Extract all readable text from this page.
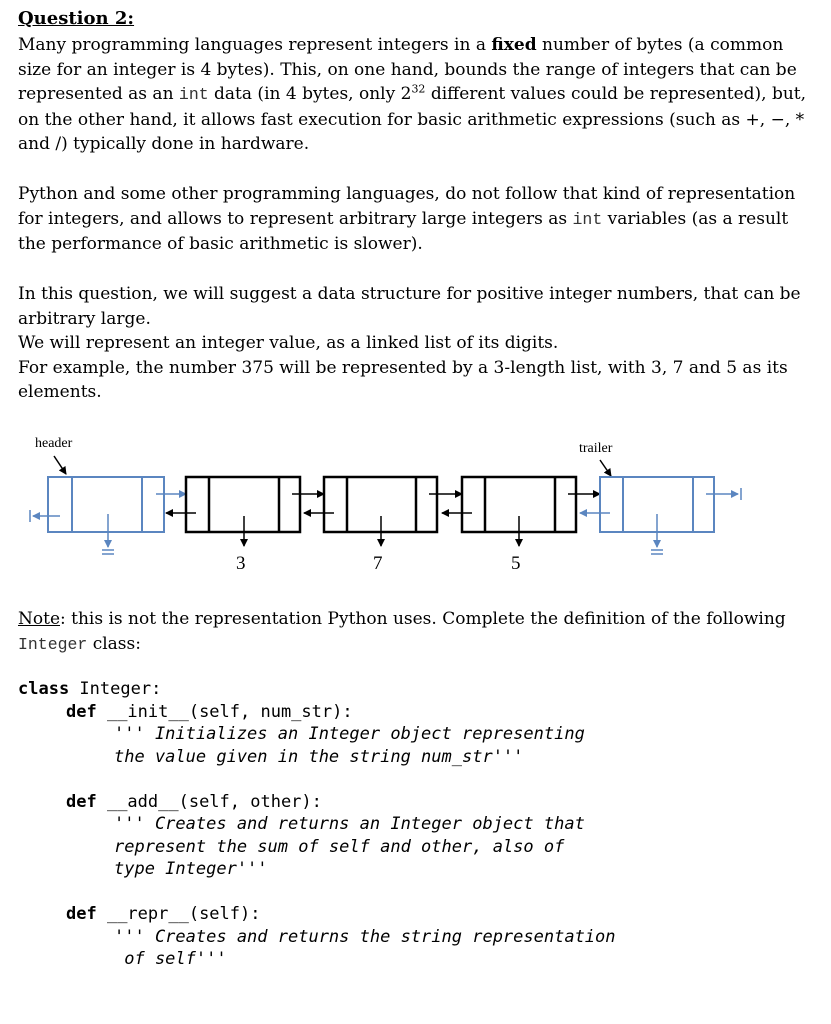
Question 2:
Many programming languages represent integers in a fixed number of bytes (a common size for an integer is 4 bytes). This, on one hand, bounds the range of integers that can be represented as an int data (in 4 bytes, only $2^{32}$ different values could be represented), but, on the other hand, it allows fast execution for basic arithmetic expressions (such as +, −, * and /) typically done in hardware.
Python and some other programming languages, do not follow that kind of representation for integers, and allows to represent arbitrary large integers as int variables (as a result the performance of basic arithmetic is slower).
In this question, we will suggest a data structure for positive integer numbers, that can be arbitrary large.
We will represent an integer value, as a linked list of its digits.
For example, the number 375 will be represented by a 3-length list, with 3, 7 and 5 as its elements.
header	trailer
3	7	5
Note: this is not the representation Python uses. Complete the definition of the following Integer class:
class Integer:
def __init__(self, num_str):
''' Initializes an Integer object representing
the value given in the string num_str'''
def __add__(self, other):
''' Creates and returns an Integer object that
represent the sum of self and other, also of
type Integer'''
def __repr__(self):
''' Creates and returns the string representation
of self'''
